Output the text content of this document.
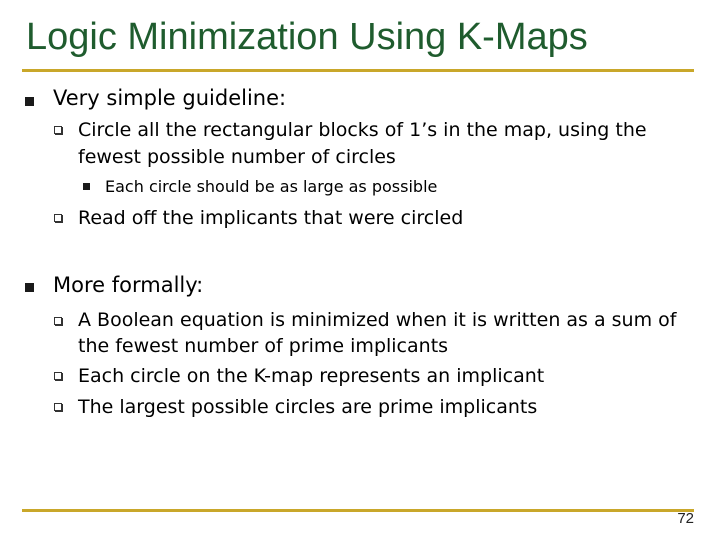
Logic Minimization Using K-Maps
Very simple guideline:
Circle all the rectangular blocks of 1’s in the map, using the
fewest possible number of circles
Each circle should be as large as possible
Read off the implicants that were circled
More formally:
A Boolean equation is minimized when it is written as a sum of
the fewest number of prime implicants
Each circle on the K-map represents an implicant
The largest possible circles are prime implicants
72
